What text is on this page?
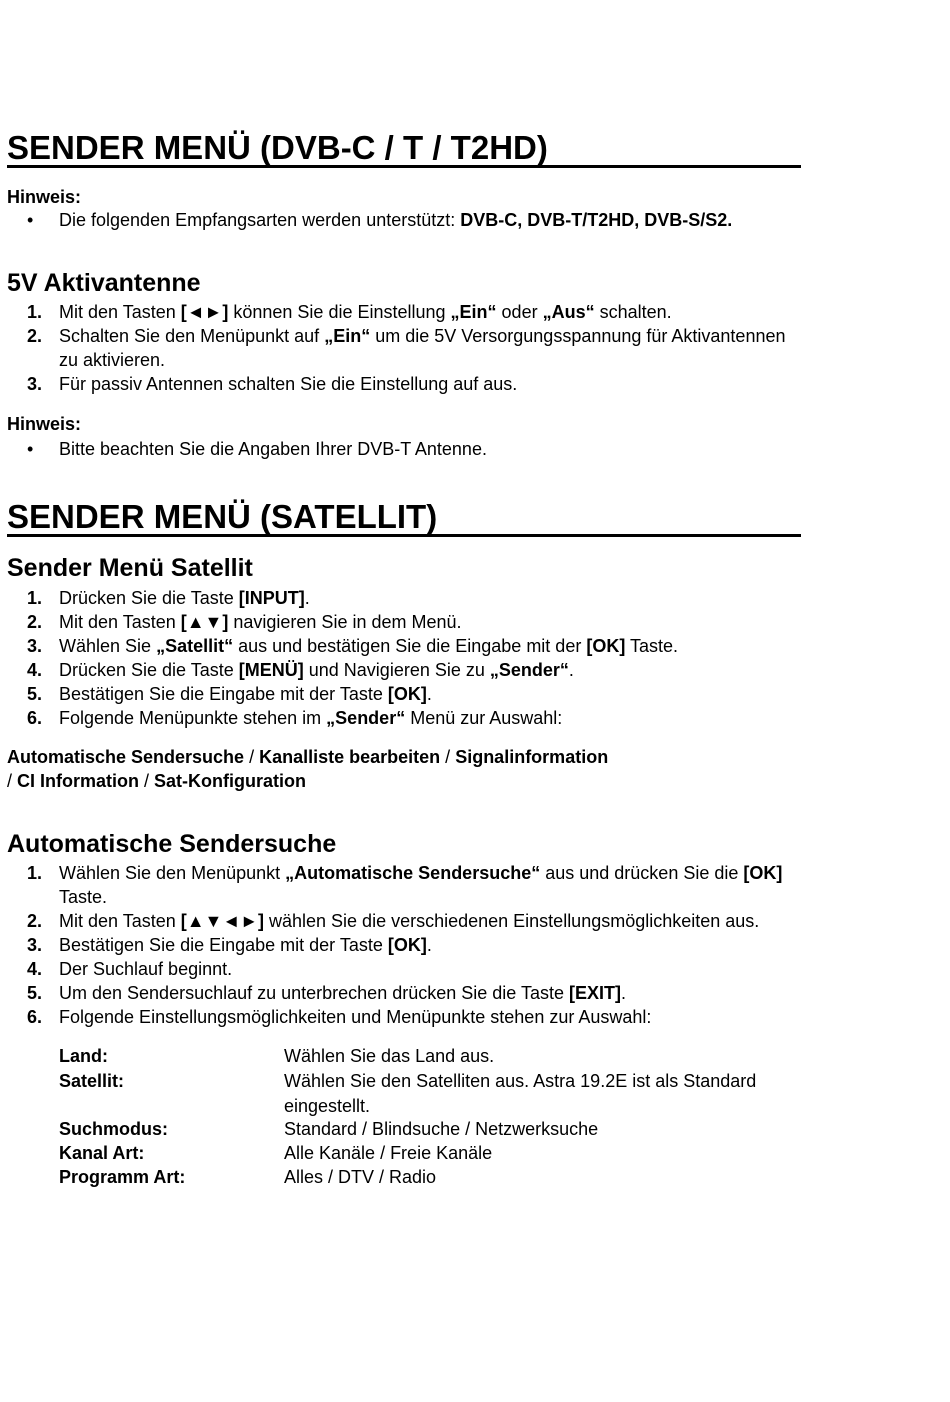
SENDER MENÜ (DVB-C / T / T2HD)
Hinweis:
• Die folgenden Empfangsarten werden unterstützt: DVB-C, DVB-T/T2HD, DVB-S/S2.
5V Aktivantenne
1. Mit den Tasten [◄►] können Sie die Einstellung „Ein“ oder „Aus“ schalten.
2. Schalten Sie den Menüpunkt auf „Ein“ um die 5V Versorgungsspannung für Aktivantennen
zu aktivieren.
3. Für passiv Antennen schalten Sie die Einstellung auf aus.
Hinweis:
• Bitte beachten Sie die Angaben Ihrer DVB-T Antenne.
SENDER MENÜ (SATELLIT)
Sender Menü Satellit
1. Drücken Sie die Taste [INPUT].
2. Mit den Tasten [▲▼] navigieren Sie in dem Menü.
3. Wählen Sie „Satellit“ aus und bestätigen Sie die Eingabe mit der [OK] Taste.
4. Drücken Sie die Taste [MENÜ] und Navigieren Sie zu „Sender“.
5. Bestätigen Sie die Eingabe mit der Taste [OK].
6. Folgende Menüpunkte stehen im „Sender“ Menü zur Auswahl:
Automatische Sendersuche / Kanalliste bearbeiten / Signalinformation
/ CI Information / Sat-Konfiguration
Automatische Sendersuche
1. Wählen Sie den Menüpunkt „Automatische Sendersuche“ aus und drücken Sie die [OK]
Taste.
2. Mit den Tasten [▲▼◄►] wählen Sie die verschiedenen Einstellungsmöglichkeiten aus.
3. Bestätigen Sie die Eingabe mit der Taste [OK].
4. Der Suchlauf beginnt.
5. Um den Sendersuchlauf zu unterbrechen drücken Sie die Taste [EXIT].
6. Folgende Einstellungsmöglichkeiten und Menüpunkte stehen zur Auswahl:
Land:	Wählen Sie das Land aus.
Satellit:	Wählen Sie den Satelliten aus. Astra 19.2E ist als Standard
eingestellt.
Suchmodus:	Standard / Blindsuche / Netzwerksuche
Kanal Art:	Alle Kanäle / Freie Kanäle
Programm Art:	Alles / DTV / Radio
